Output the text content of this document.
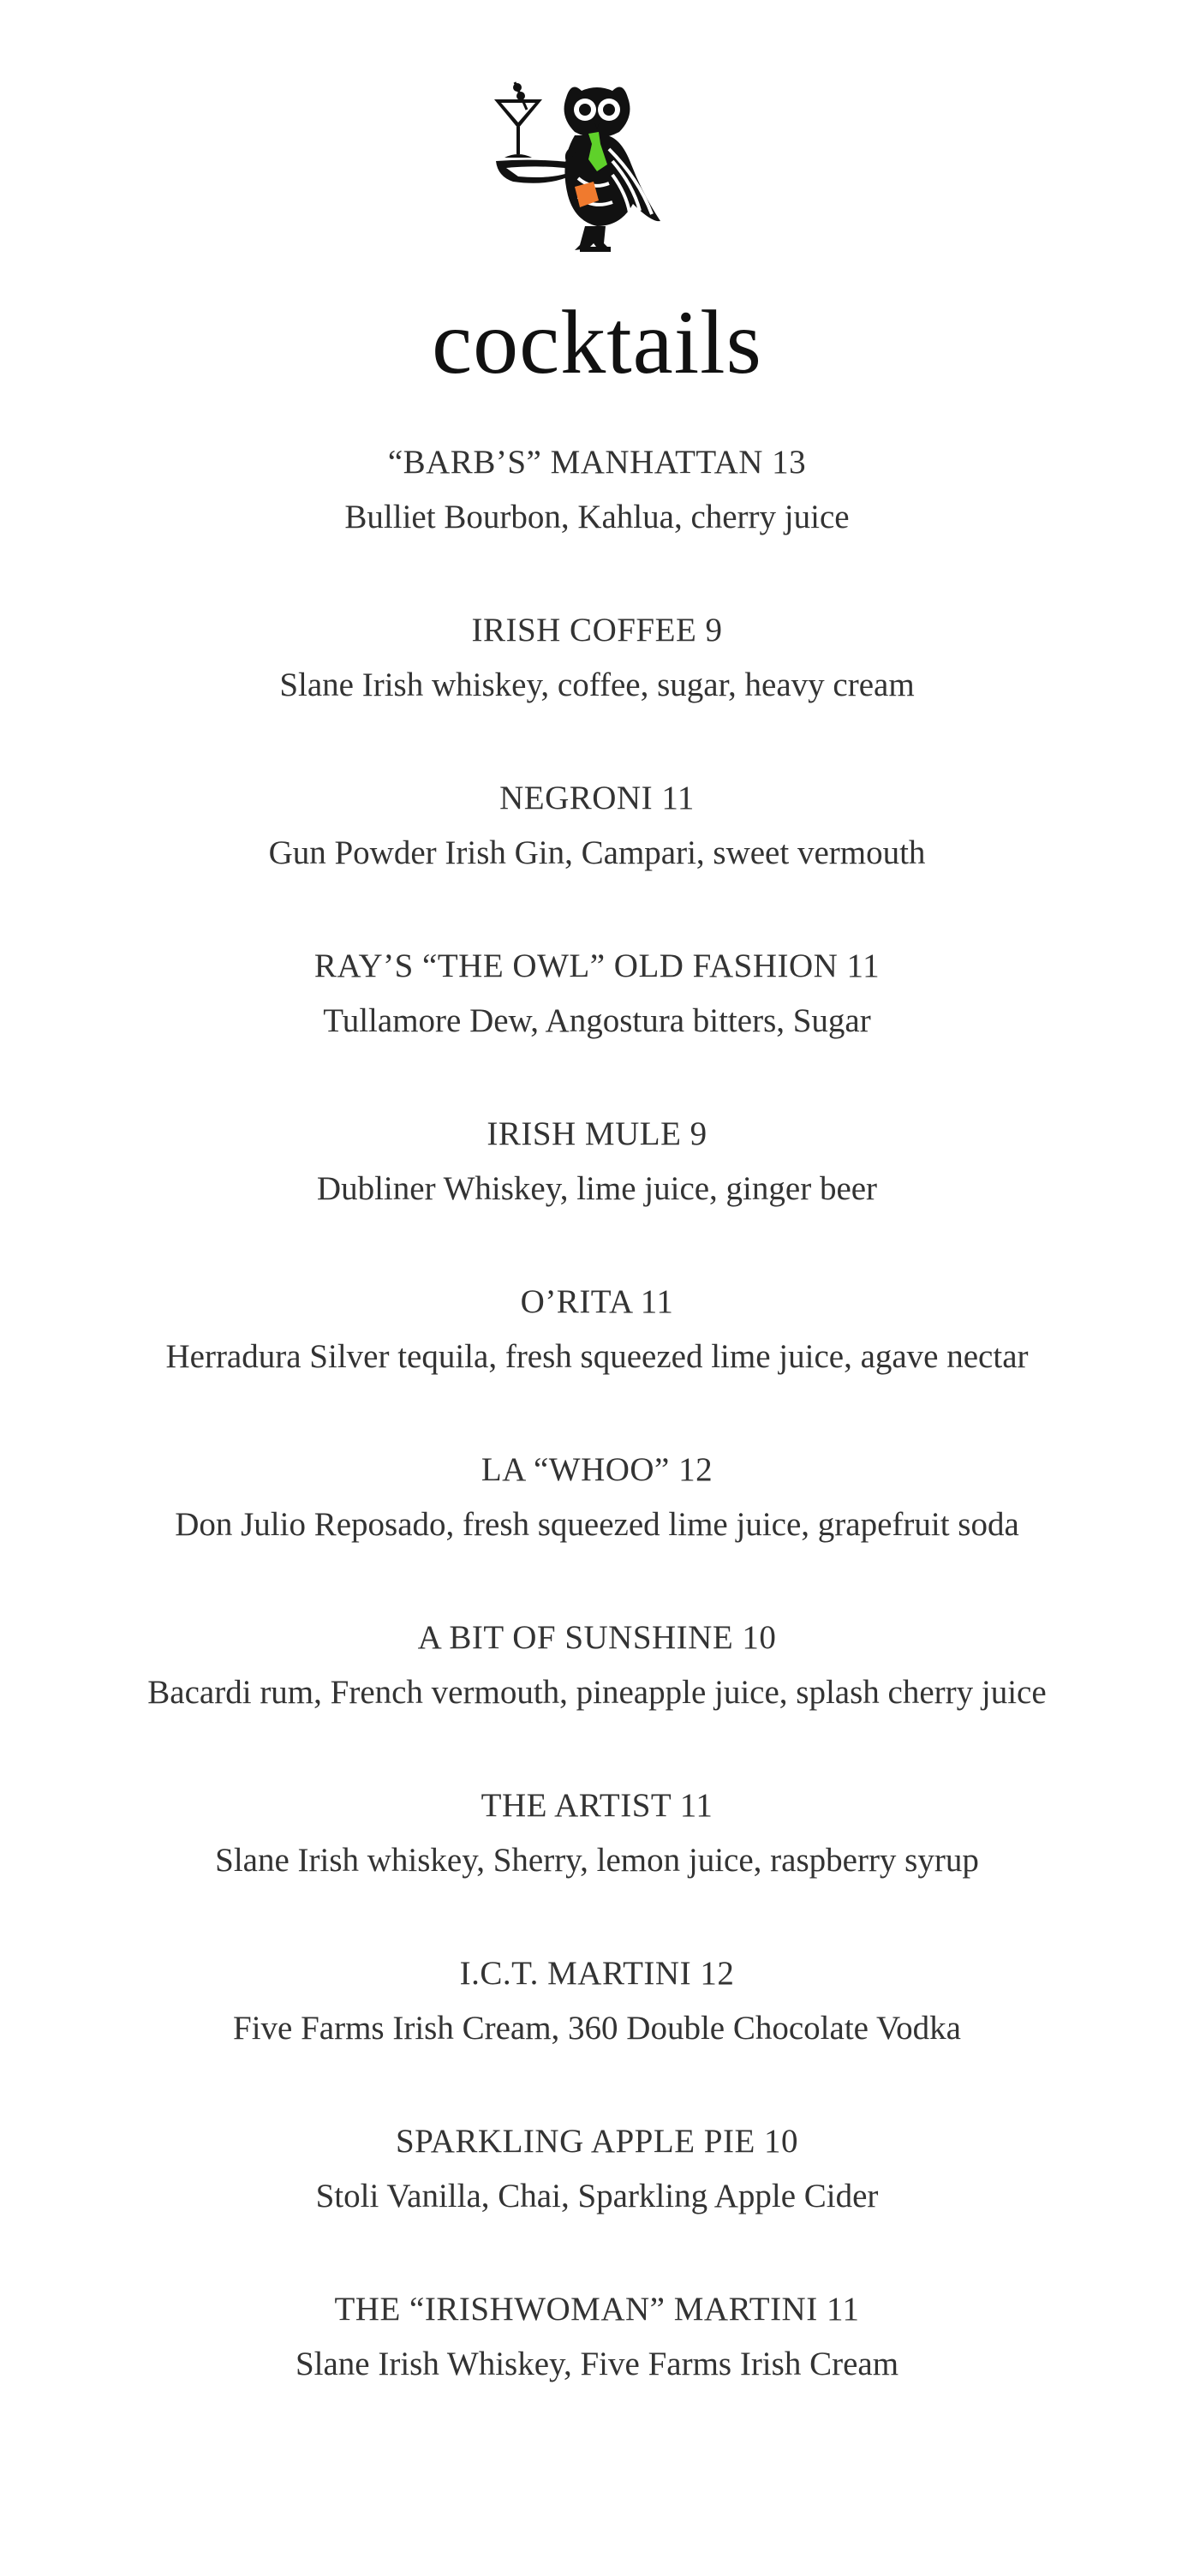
cocktails
“BARB’S” MANHATTAN 13
Bulliet Bourbon, Kahlua, cherry juice
IRISH COFFEE 9
Slane Irish whiskey, coffee, sugar, heavy cream
NEGRONI 11
Gun Powder Irish Gin, Campari, sweet vermouth
RAY’S “THE OWL” OLD FASHION 11
Tullamore Dew, Angostura bitters, Sugar
IRISH MULE 9
Dubliner Whiskey, lime juice, ginger beer
O’RITA 11
Herradura Silver tequila, fresh squeezed lime juice, agave nectar
LA “WHOO” 12
Don Julio Reposado, fresh squeezed lime juice, grapefruit soda
A BIT OF SUNSHINE 10
Bacardi rum, French vermouth, pineapple juice, splash cherry juice
THE ARTIST 11
Slane Irish whiskey, Sherry, lemon juice, raspberry syrup
I.C.T. MARTINI 12
Five Farms Irish Cream, 360 Double Chocolate Vodka
SPARKLING APPLE PIE 10
Stoli Vanilla, Chai, Sparkling Apple Cider
THE “IRISHWOMAN” MARTINI 11
Slane Irish Whiskey, Five Farms Irish Cream
